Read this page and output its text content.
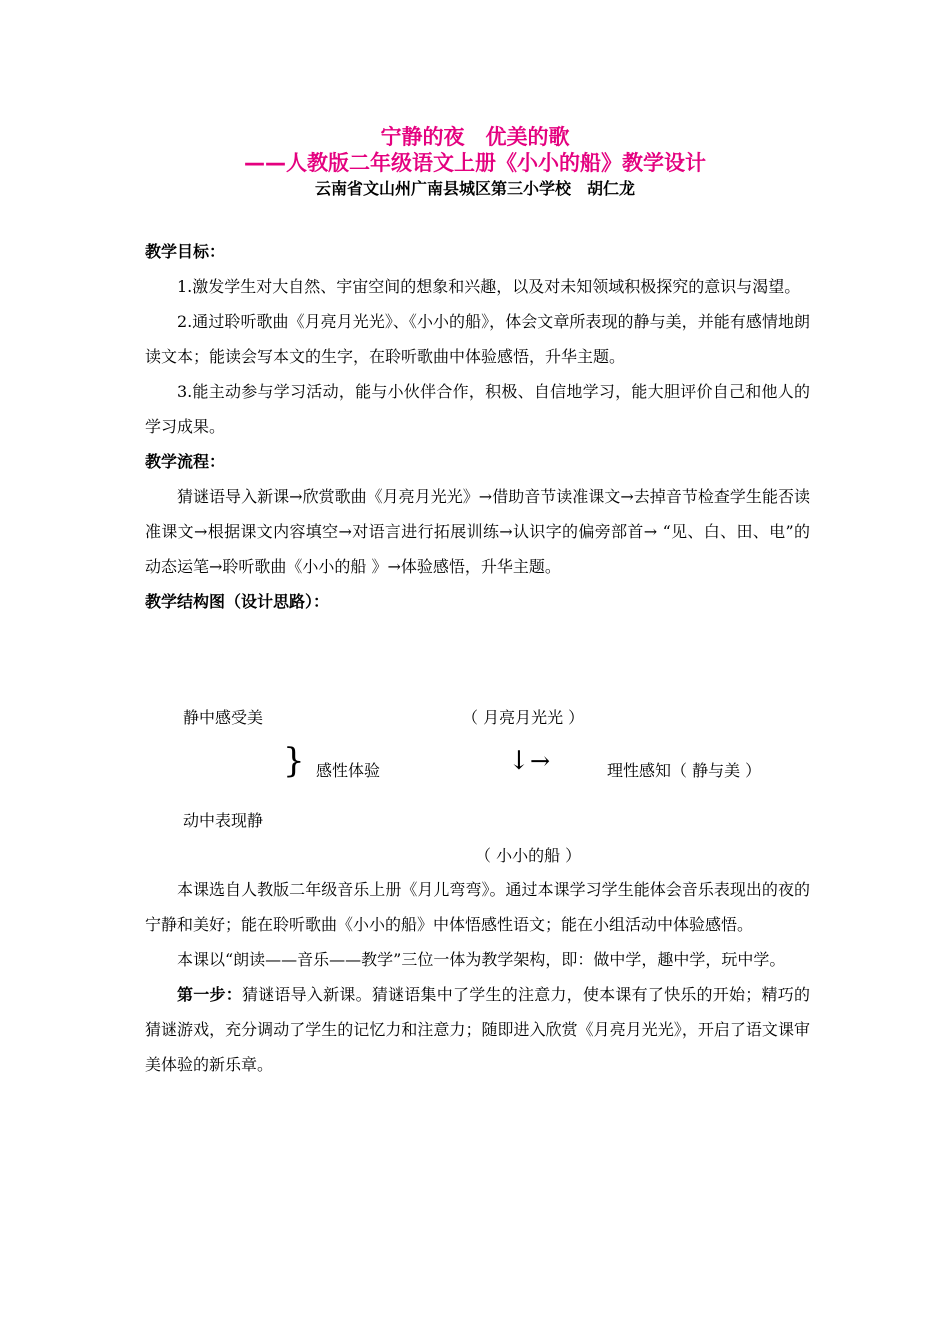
宁静的夜　优美的歌
——人教版二年级语文上册《小小的船》教学设计
云南省文山州广南县城区第三小学校　胡仁龙
教学目标：

1.激发学生对大自然、宇宙空间的想象和兴趣，以及对未知领域积极探究的意识与渴望。

2.通过聆听歌曲《月亮月光光》、《小小的船》，体会文章所表现的静与美，并能有感情地朗读文本；能读会写本文的生字，在聆听歌曲中体验感悟，升华主题。

3.能主动参与学习活动，能与小伙伴合作，积极、自信地学习，能大胆评价自己和他人的学习成果。

教学流程：

猜谜语导入新课→欣赏歌曲《月亮月光光》→借助音节读准课文→去掉音节检查学生能否读准课文→根据课文内容填空→对语言进行拓展训练→认识字的偏旁部首→ “见、白、田、电”的动态运笔→聆听歌曲《小小的船 》→体验感悟，升华主题。

教学结构图（设计思路）：
静中感受美	（ 月亮月光光 ）
} 感性体验	↓ →	理性感知（ 静与美 ）
动中表现静
（ 小小的船 ）

本课选自人教版二年级音乐上册《月儿弯弯》。通过本课学习学生能体会音乐表现出的夜的宁静和美好；能在聆听歌曲《小小的船》中体悟感性语文；能在小组活动中体验感悟。

本课以“朗读——音乐——教学”三位一体为教学架构，即：做中学，趣中学，玩中学。

第一步：猜谜语导入新课。猜谜语集中了学生的注意力，使本课有了快乐的开始；精巧的猜谜游戏，充分调动了学生的记忆力和注意力；随即进入欣赏《月亮月光光》，开启了语文课审美体验的新乐章。
